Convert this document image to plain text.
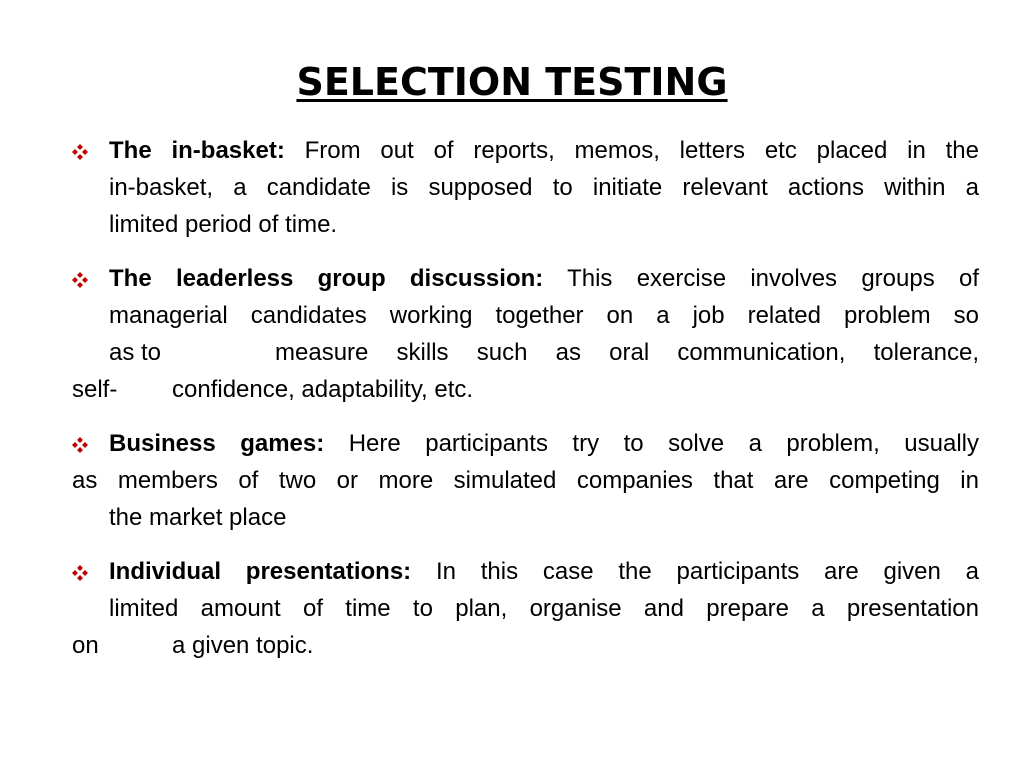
SELECTION TESTING
The in-basket: From out of reports, memos, letters etc placed in the
in-basket, a candidate is supposed to initiate relevant actions within a
limited period of time.
The leaderless group discussion: This exercise involves groups of
managerial candidates working together on a job related problem so
as to	measure skills such as oral communication, tolerance,
self-	confidence, adaptability, etc.
Business games: Here participants try to solve a problem, usually
as members of two or more simulated companies that are competing in
the market place
Individual presentations: In this case the participants are given a
limited amount of time to plan, organise and prepare a presentation
on	a given topic.
